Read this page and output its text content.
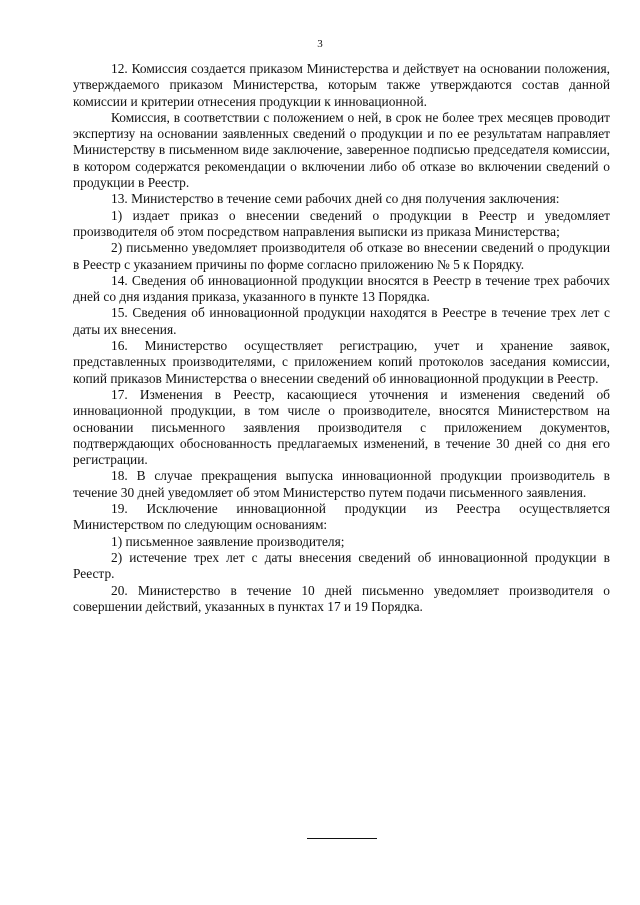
3

12. Комиссия создается приказом Министерства и действует на основании положения, утверждаемого приказом Министерства, которым также утверждаются состав данной комиссии и критерии отнесения продукции к инновационной.

Комиссия, в соответствии с положением о ней, в срок не более трех месяцев проводит экспертизу на основании заявленных сведений о продукции и по ее результатам направляет Министерству в письменном виде заключение, заверенное подписью председателя комиссии, в котором содержатся рекомендации о включении либо об отказе во включении сведений о продукции в Реестр.

13. Министерство в течение семи рабочих дней со дня получения заключения:

1) издает приказ о внесении сведений о продукции в Реестр и уведомляет производителя об этом посредством направления выписки из приказа Министерства;

2) письменно уведомляет производителя об отказе во внесении сведений о продукции в Реестр с указанием причины по форме согласно приложению № 5 к Порядку.

14. Сведения об инновационной продукции вносятся в Реестр в течение трех рабочих дней со дня издания приказа, указанного в пункте 13 Порядка.

15. Сведения об инновационной продукции находятся в Реестре в течение трех лет с даты их внесения.

16. Министерство осуществляет регистрацию, учет и хранение заявок, представленных производителями, с приложением копий протоколов заседания комиссии, копий приказов Министерства о внесении сведений об инновационной продукции в Реестр.

17. Изменения в Реестр, касающиеся уточнения и изменения сведений об инновационной продукции, в том числе о производителе, вносятся Министерством на основании письменного заявления производителя с приложением документов, подтверждающих обоснованность предлагаемых изменений, в течение 30 дней со дня его регистрации.

18. В случае прекращения выпуска инновационной продукции производитель в течение 30 дней уведомляет об этом Министерство путем подачи письменного заявления.

19. Исключение инновационной продукции из Реестра осуществляется Министерством по следующим основаниям:

1) письменное заявление производителя;

2) истечение трех лет с даты внесения сведений об инновационной продукции в Реестр.

20. Министерство в течение 10 дней письменно уведомляет производителя о совершении действий, указанных в пунктах 17 и 19 Порядка.
